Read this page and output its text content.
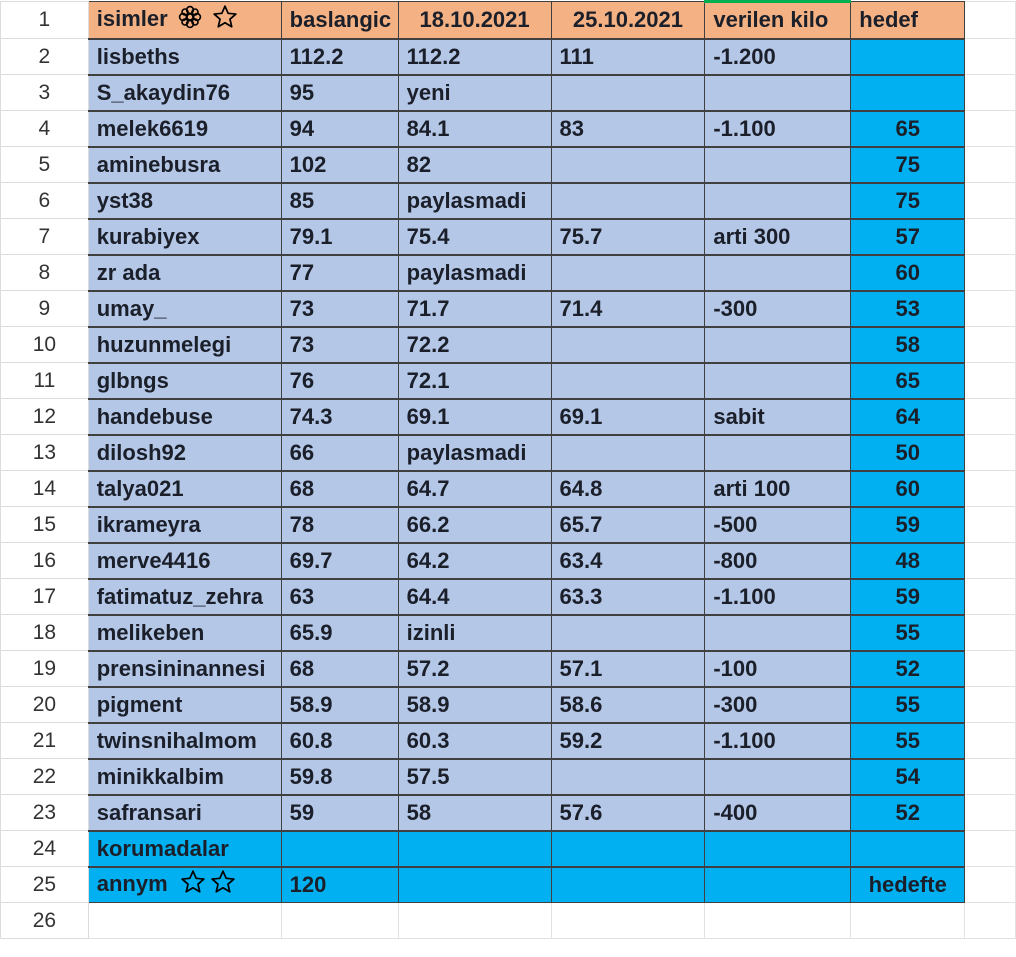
1	isimler	baslangic	18.10.2021	25.10.2021	verilen kilo	hedef	
2	lisbeths	112.2	112.2	111	-1.200		
3	S_akaydin76	95	yeni				
4	melek6619	94	84.1	83	-1.100	65	
5	aminebusra	102	82			75	
6	yst38	85	paylasmadi			75	
7	kurabiyex	79.1	75.4	75.7	arti 300	57	
8	zr ada	77	paylasmadi			60	
9	umay_	73	71.7	71.4	-300	53	
10	huzunmelegi	73	72.2			58	
11	glbngs	76	72.1			65	
12	handebuse	74.3	69.1	69.1	sabit	64	
13	dilosh92	66	paylasmadi			50	
14	talya021	68	64.7	64.8	arti 100	60	
15	ikrameyra	78	66.2	65.7	-500	59	
16	merve4416	69.7	64.2	63.4	-800	48	
17	fatimatuz_zehra	63	64.4	63.3	-1.100	59	
18	melikeben	65.9	izinli			55	
19	prensininannesi	68	57.2	57.1	-100	52	
20	pigment	58.9	58.9	58.6	-300	55	
21	twinsnihalmom	60.8	60.3	59.2	-1.100	55	
22	minikkalbim	59.8	57.5			54	
23	safransari	59	58	57.6	-400	52	
24	korumadalar						
25	annym	120				hedefte	
26							
